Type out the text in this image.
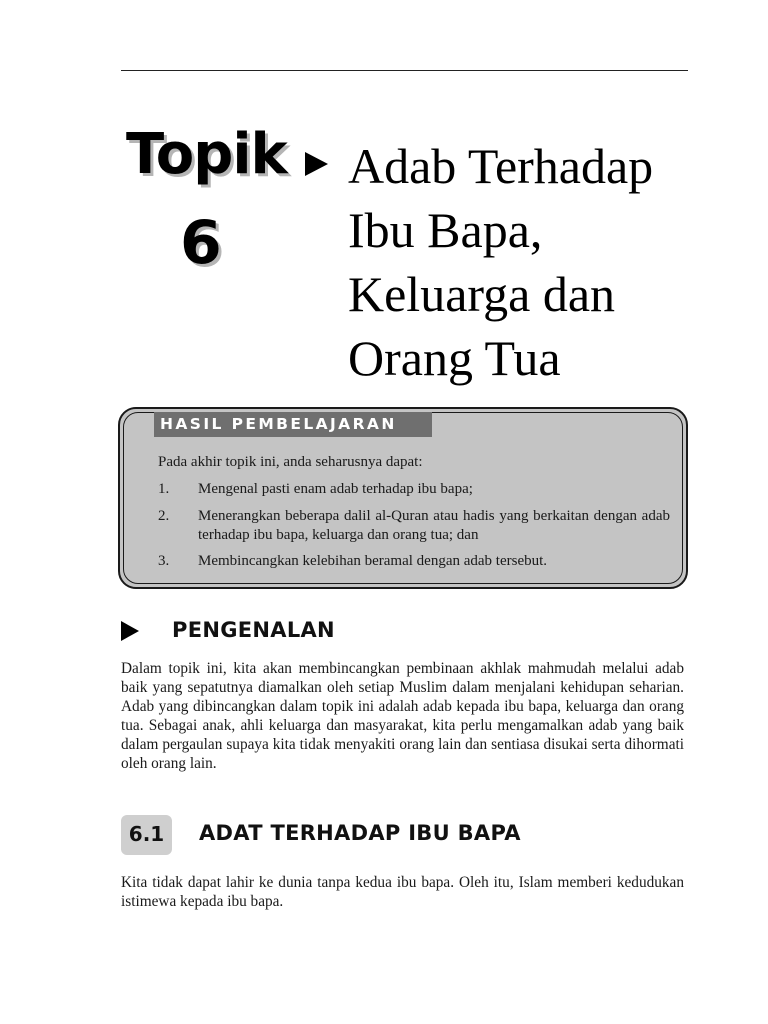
Topik
6
Adab Terhadap
Ibu Bapa,
Keluarga dan
Orang Tua
HASIL PEMBELAJARAN
Pada akhir topik ini, anda seharusnya dapat:
1. Mengenal pasti enam adab terhadap ibu bapa;
2. Menerangkan beberapa dalil al-Quran atau hadis yang berkaitan dengan adab terhadap ibu bapa, keluarga dan orang tua; dan
3. Membincangkan kelebihan beramal dengan adab tersebut.
PENGENALAN

Dalam topik ini, kita akan membincangkan pembinaan akhlak mahmudah melalui adab baik yang sepatutnya diamalkan oleh setiap Muslim dalam menjalani kehidupan seharian. Adab yang dibincangkan dalam topik ini adalah adab kepada ibu bapa, keluarga dan orang tua. Sebagai anak, ahli keluarga dan masyarakat, kita perlu mengamalkan adab yang baik dalam pergaulan supaya kita tidak menyakiti orang lain dan sentiasa disukai serta dihormati oleh orang lain.

6.1	ADAT TERHADAP IBU BAPA

Kita tidak dapat lahir ke dunia tanpa kedua ibu bapa. Oleh itu, Islam memberi kedudukan istimewa kepada ibu bapa.
